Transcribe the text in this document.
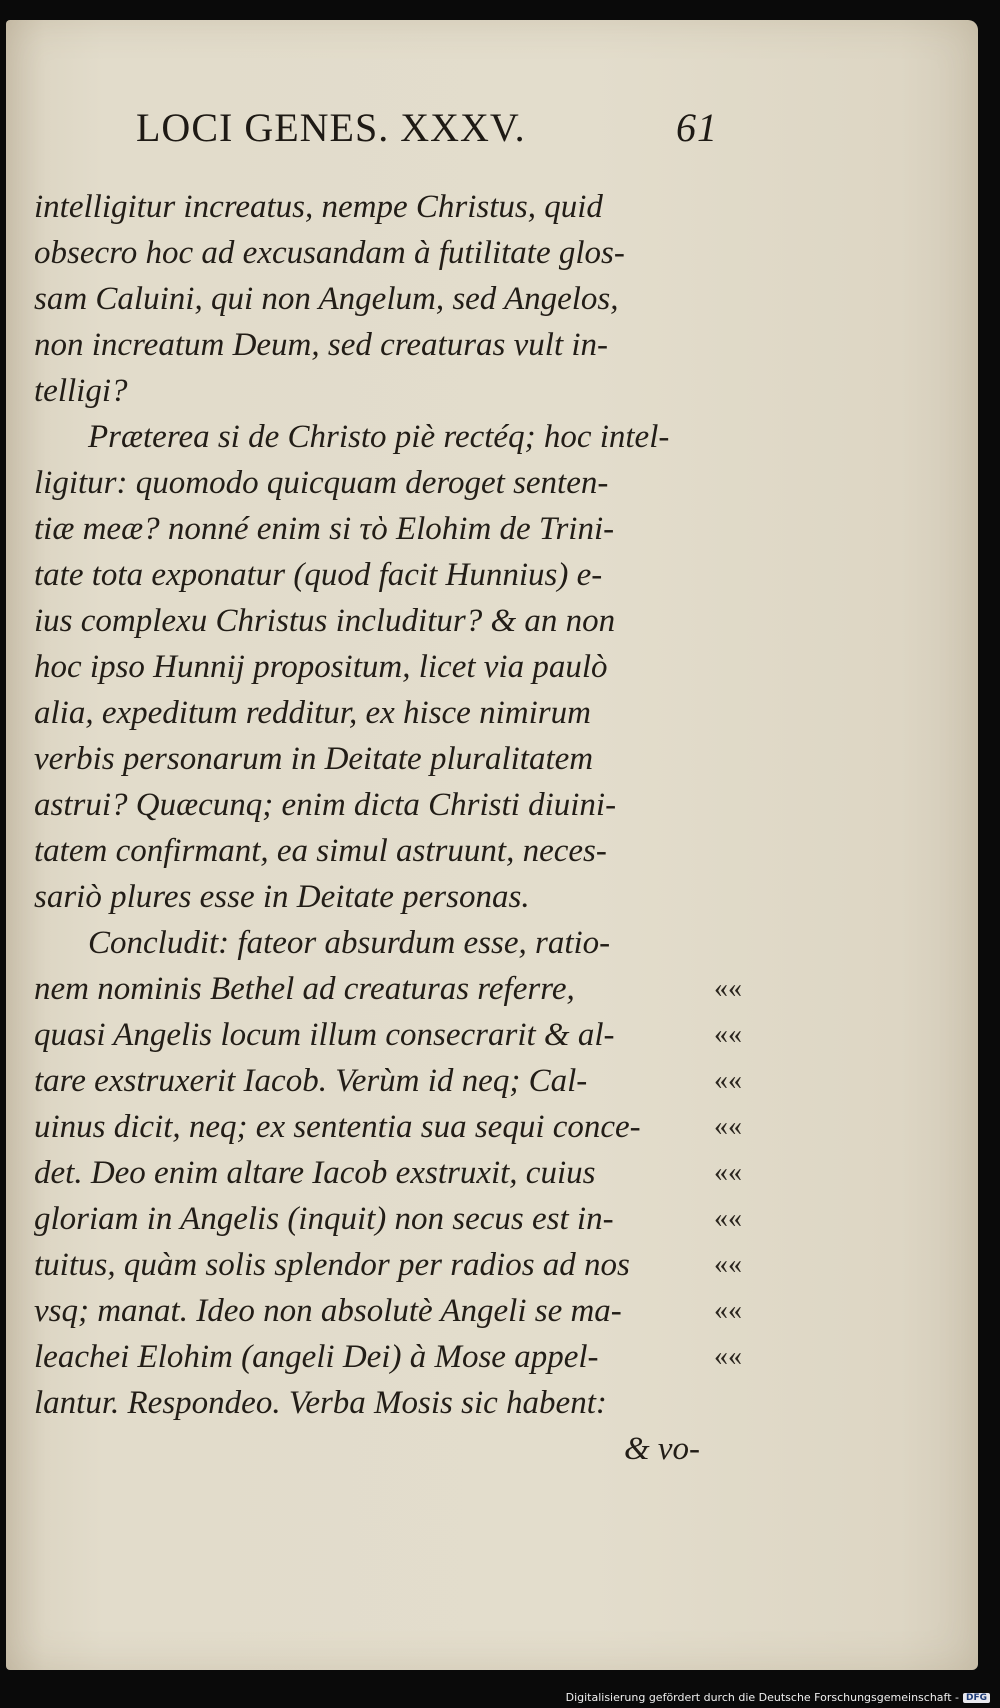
LOCI GENES. XXXV.	61
intelligitur increatus, nempe Christus, quid
obsecro hoc ad excusandam à futilitate glos-
sam Caluini, qui non Angelum, sed Angelos,
non increatum Deum, sed creaturas vult in-
telligi?
Præterea si de Christo piè rectéq; hoc intel-
ligitur: quomodo quicquam deroget senten-
tiæ meæ? nonné enim si τὸ Elohim de Trini-
tate tota exponatur (quod facit Hunnius) e-
ius complexu Christus includitur? & an non
hoc ipso Hunnij propositum, licet via paulò
alia, expeditum redditur, ex hisce nimirum
verbis personarum in Deitate pluralitatem
astrui? Quæcunq; enim dicta Christi diuini-
tatem confirmant, ea simul astruunt, neces-
sariò plures esse in Deitate personas.
Concludit: fateor absurdum esse, ratio-
nem nominis Bethel ad creaturas referre,
quasi Angelis locum illum consecrarit & al-
tare exstruxerit Iacob. Verùm id neq; Cal-
uinus dicit, neq; ex sententia sua sequi conce-
det. Deo enim altare Iacob exstruxit, cuius
gloriam in Angelis (inquit) non secus est in-
tuitus, quàm solis splendor per radios ad nos
vsq; manat. Ideo non absolutè Angeli se ma-
leachei Elohim (angeli Dei) à Mose appel-
lantur. Respondeo. Verba Mosis sic habent:
& vo-
««
««
««
««
««
««
««
««
««
Digitalisierung gefördert durch die Deutsche Forschungsgemeinschaft - DFG
